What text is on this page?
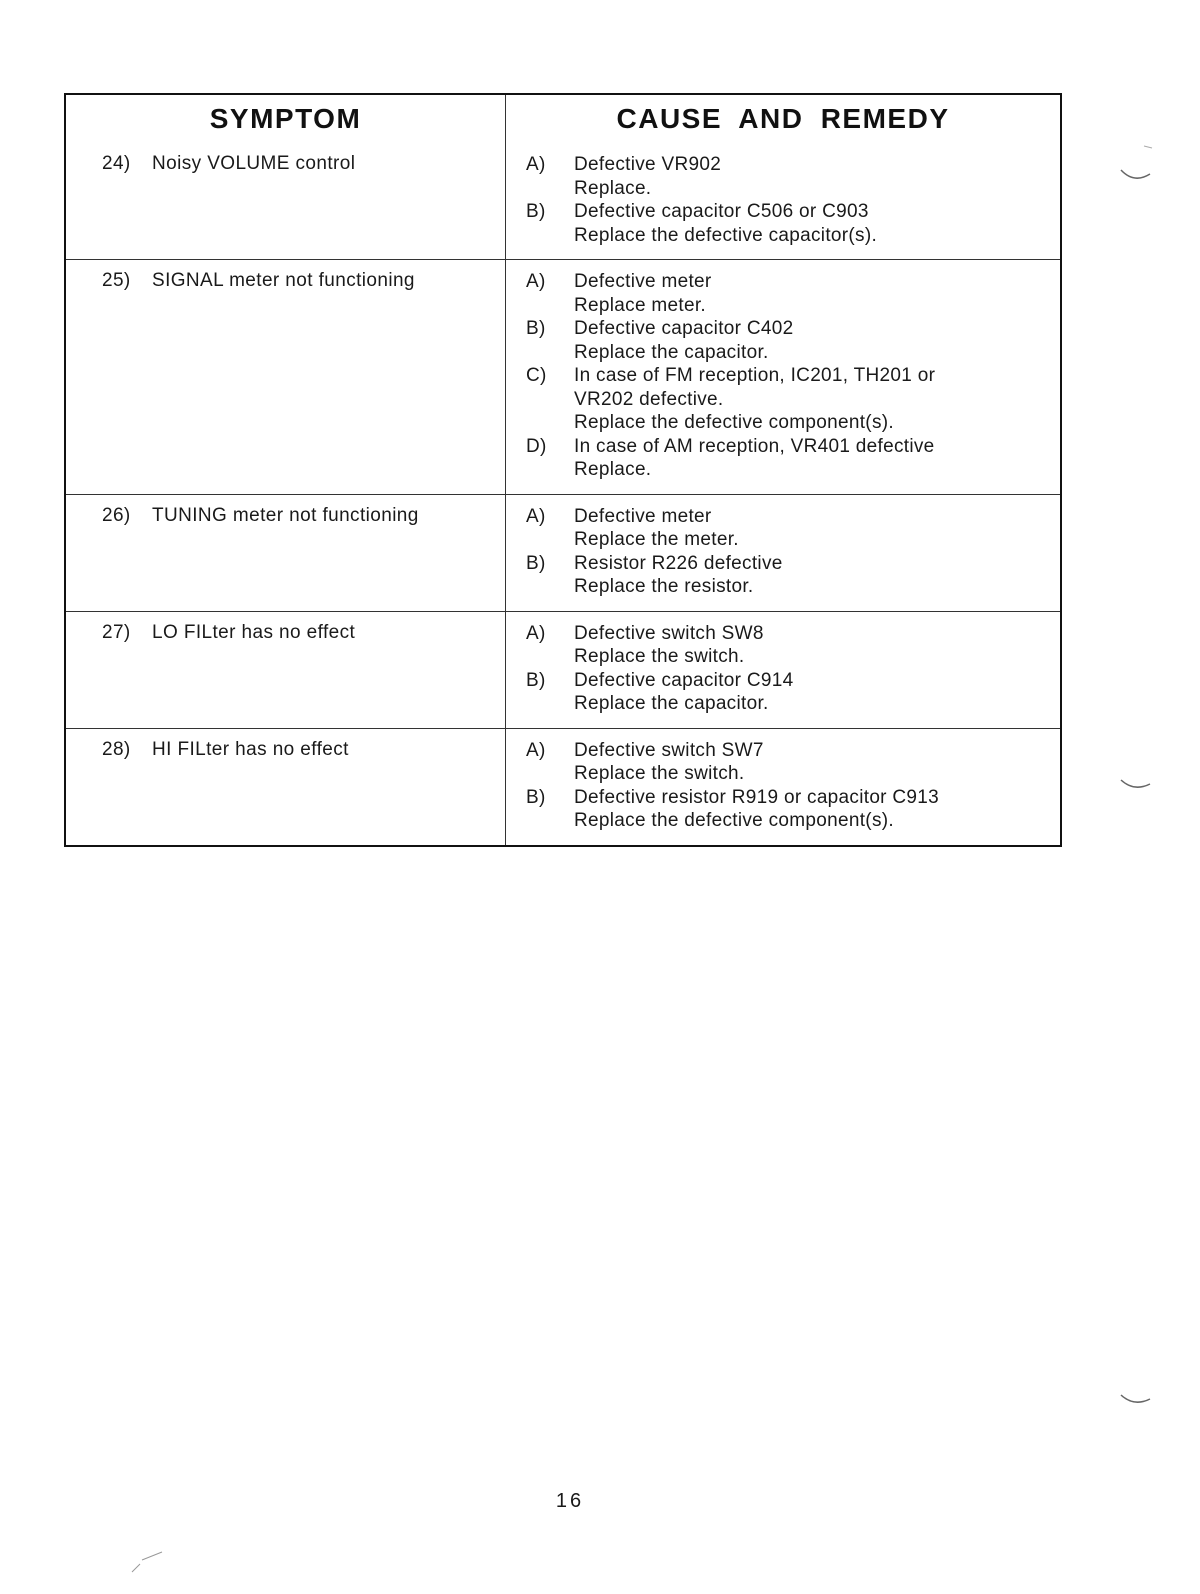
SYMPTOM	CAUSE AND REMEDY
24) Noisy VOLUME control	A)	Defective VR902
Replace.
B)	Defective capacitor C506 or C903
Replace the defective capacitor(s).
25) SIGNAL meter not functioning	A)	Defective meter
Replace meter.
B)	Defective capacitor C402
Replace the capacitor.
C)	In case of FM reception, IC201, TH201 or
VR202 defective.
Replace the defective component(s).
D)	In case of AM reception, VR401 defective
Replace.
26) TUNING meter not functioning	A)	Defective meter
Replace the meter.
B)	Resistor R226 defective
Replace the resistor.
27) LO FILter has no effect	A)	Defective switch SW8
Replace the switch.
B)	Defective capacitor C914
Replace the capacitor.
28) HI FILter has no effect	A)	Defective switch SW7
Replace the switch.
B)	Defective resistor R919 or capacitor C913
Replace the defective component(s).
16
